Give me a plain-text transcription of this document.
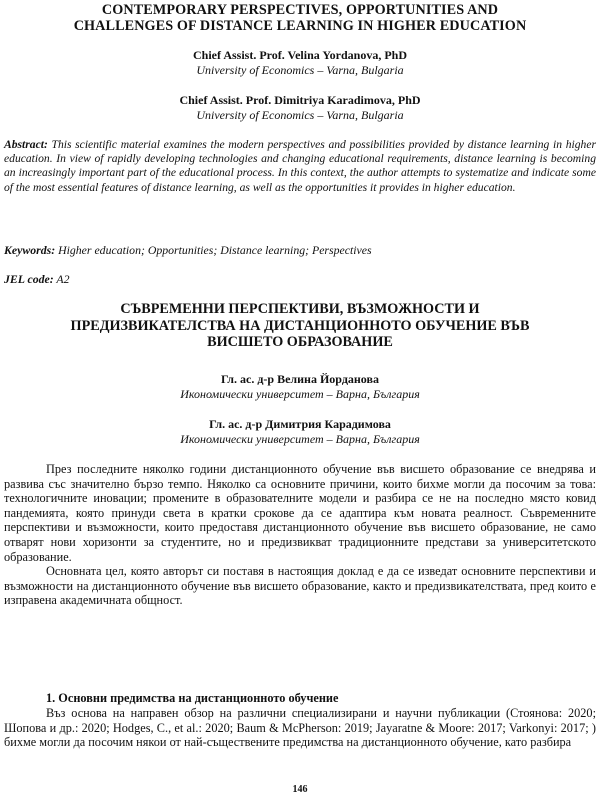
CONTEMPORARY PERSPECTIVES, OPPORTUNITIES AND
CHALLENGES OF DISTANCE LEARNING IN HIGHER EDUCATION
Chief Assist. Prof. Velina Yordanova, PhD
University of Economics – Varna, Bulgaria
Chief Assist. Prof. Dimitriya Karadimova, PhD
University of Economics – Varna, Bulgaria
Abstract: This scientific material examines the modern perspectives and possibilities provided by distance learning in higher education. In view of rapidly developing technologies and changing educational requirements, distance learning is becoming an increasingly important part of the educational process. In this context, the author attempts to systematize and indicate some of the most essential features of distance learning, as well as the opportunities it provides in higher education.
Keywords: Higher education; Opportunities; Distance learning; Perspectives
JEL code: A2
СЪВРЕМЕННИ ПЕРСПЕКТИВИ, ВЪЗМОЖНОСТИ И
ПРЕДИЗВИКАТЕЛСТВА НА ДИСТАНЦИОННОТО ОБУЧЕНИЕ ВЪВ
ВИСШЕТО ОБРАЗОВАНИЕ
Гл. ас. д-р Велина Йорданова
Икономически университет – Варна, България
Гл. ас. д-р Димитрия Карадимова
Икономически университет – Варна, България

През последните няколко години дистанционното обучение във висшето образование се внедрява и развива със значително бързо темпо. Няколко са основните причини, които бихме могли да посочим за това: технологичните иновации; промените в образователните модели и разбира се не на последно място ковид пандемията, която принуди света в кратки срокове да се адаптира към новата реалност. Съвременните перспективи и възможности, които предоставя дистанционното обучение във висшето образование, не само отварят нови хоризонти за студентите, но и предизвикват традиционните представи за университетското образование.

Основната цел, която авторът си поставя в настоящия доклад е да се изведат основните перспективи и възможности на дистанционното обучение във висшето образование, както и предизвикателствата, пред които е изправена академичната общност.

1. Основни предимства на дистанционното обучение

Въз основа на направен обзор на различни специализирани и научни публикации (Стоянова: 2020; Шопова и др.: 2020; Hodges, C., et al.: 2020; Baum & McPherson: 2019; Jayaratne & Moore: 2017; Varkonyi: 2017; ) бихме могли да посочим някои от най-съществените предимства на дистанционното обучение, като разбира

146
